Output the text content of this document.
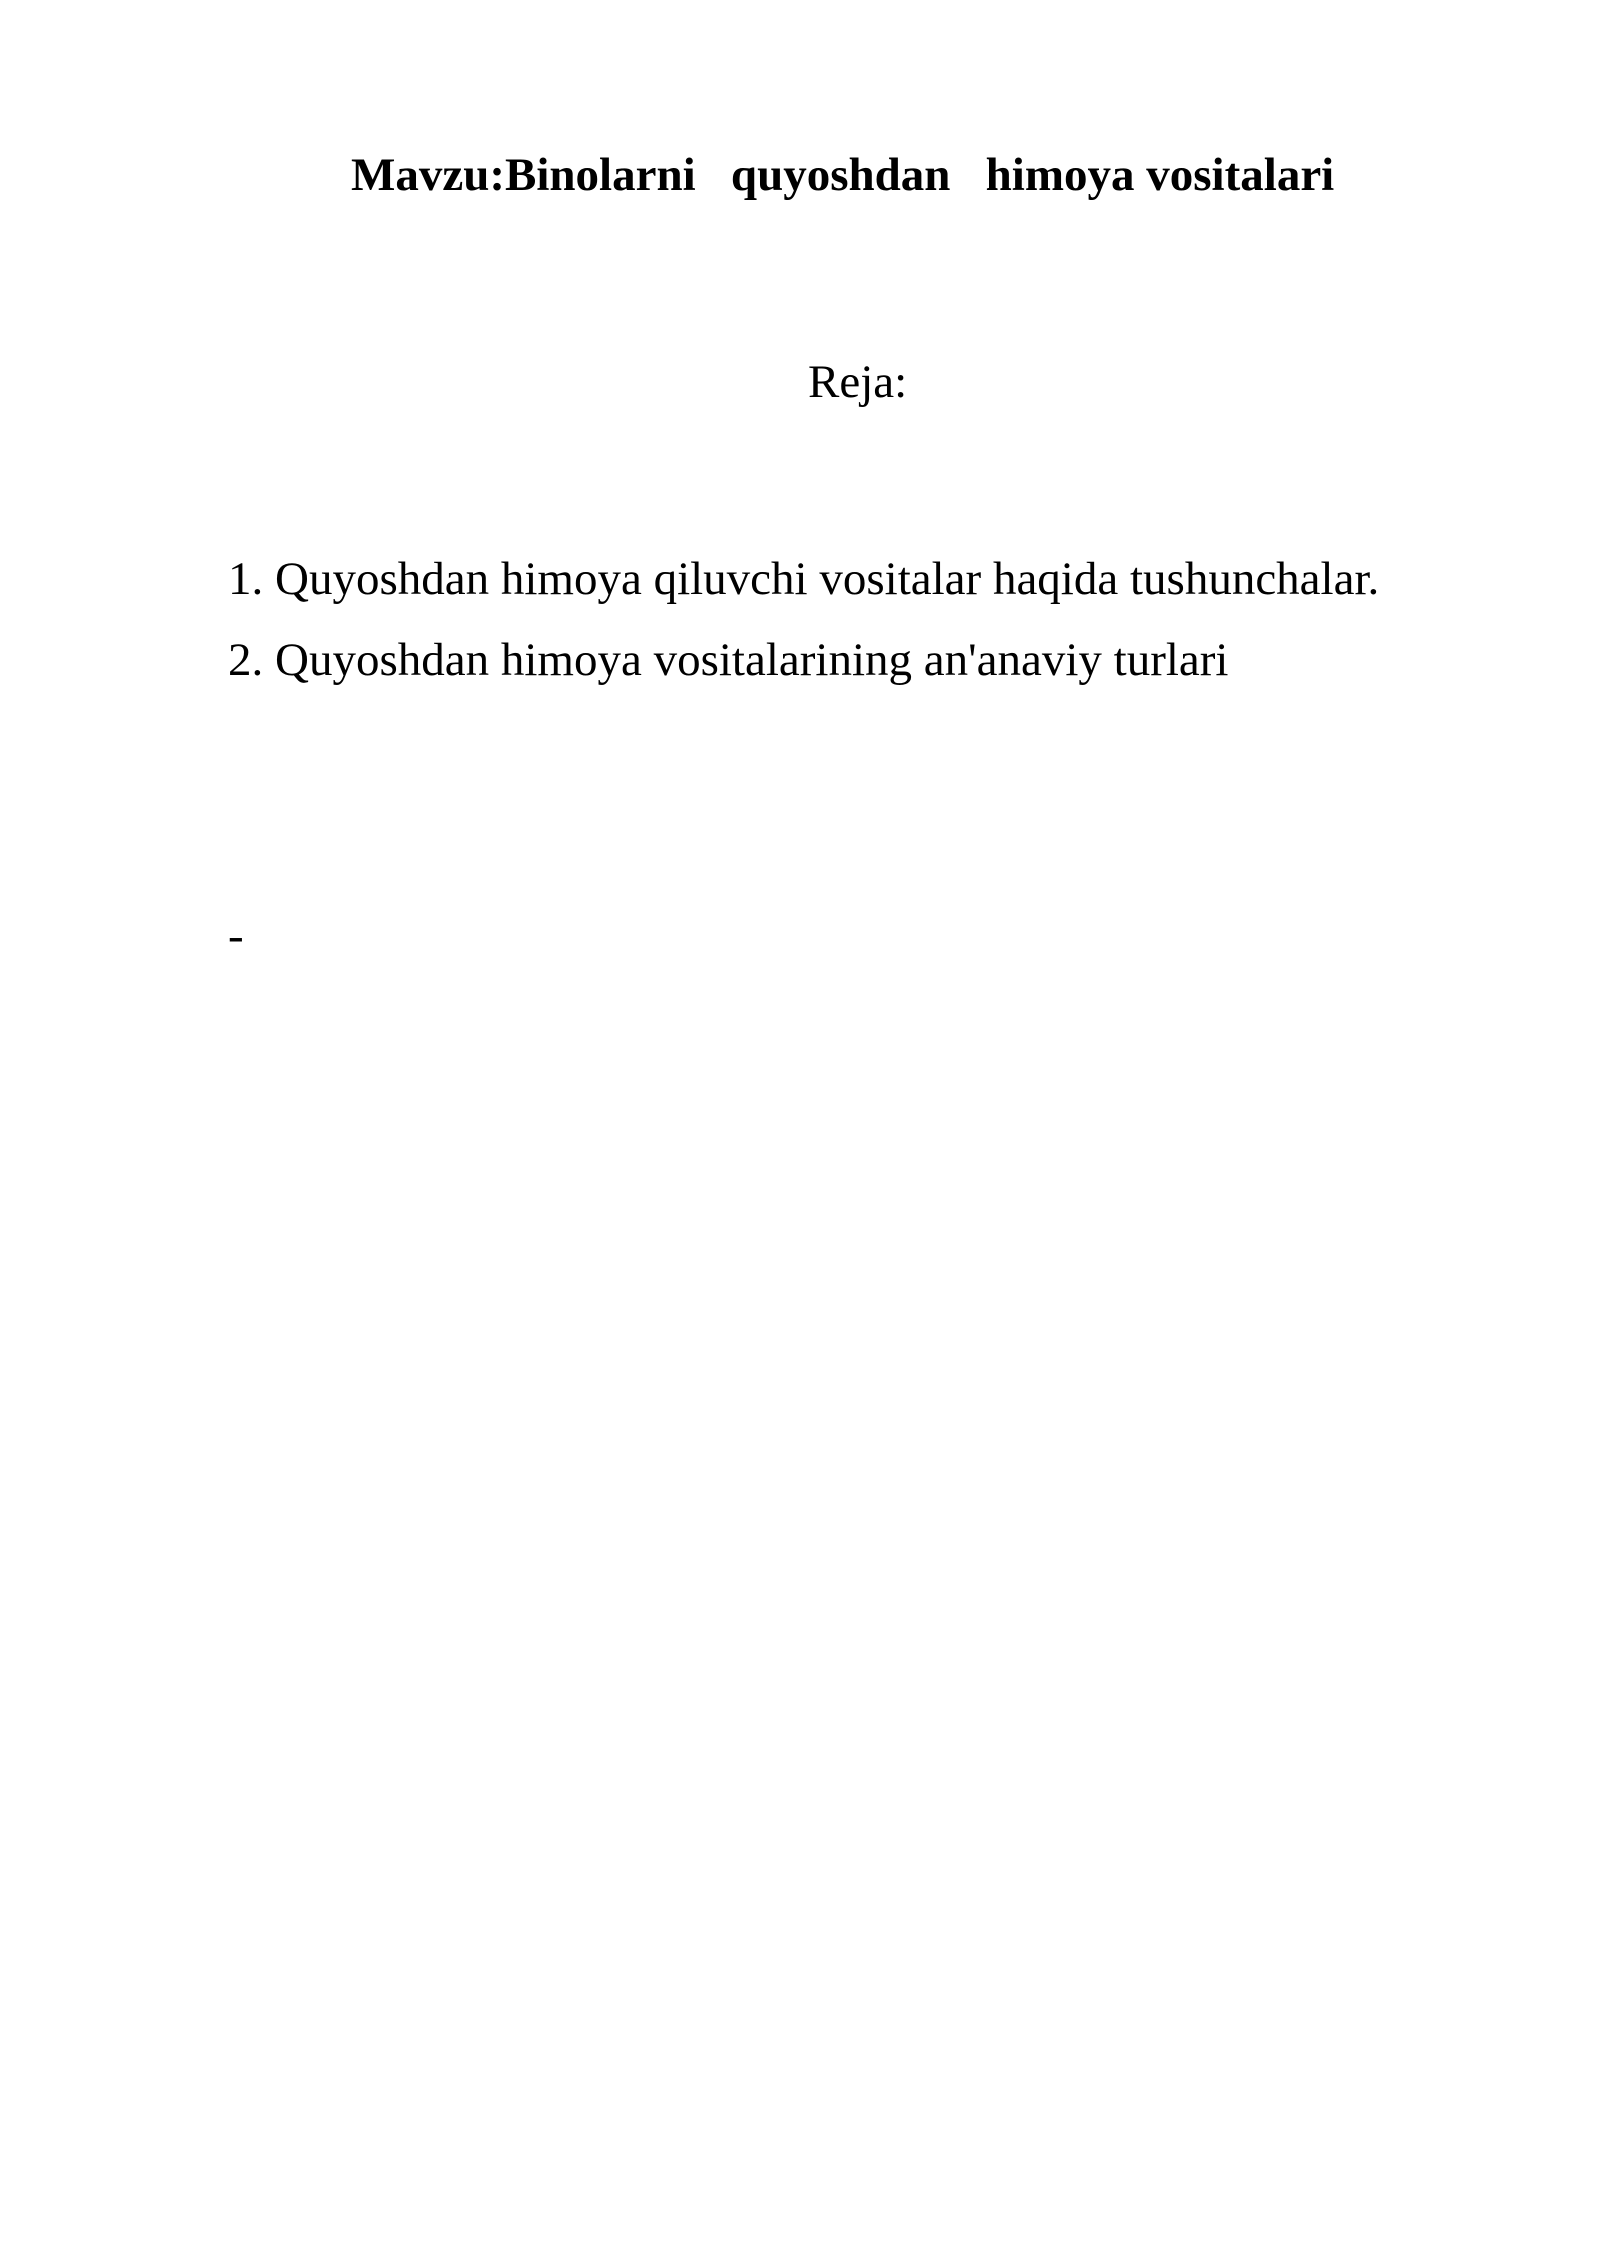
Mavzu:Binolarni   quyoshdan   himoya vositalari
Reja:
1. Quyoshdan himoya qiluvchi vositalar haqida tushunchalar.
2. Quyoshdan himoya vositalarining an'anaviy turlari
-
